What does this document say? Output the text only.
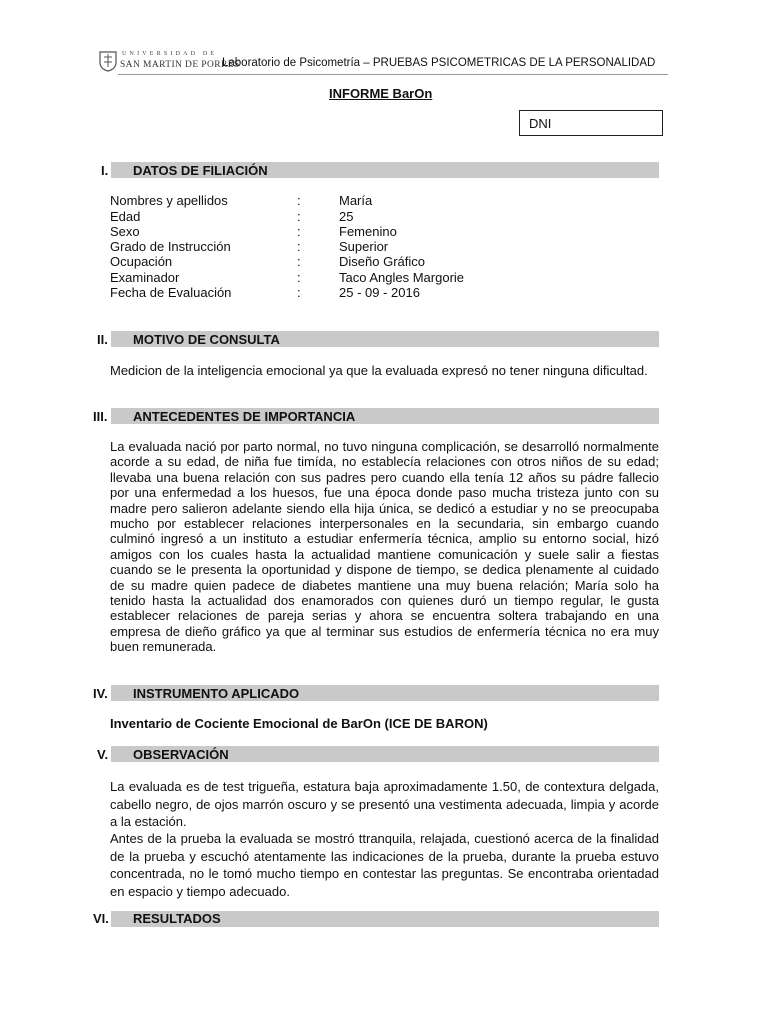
UNIVERSIDAD DE
SAN MARTIN DE PORRES
Laboratorio de Psicometría – PRUEBAS PSICOMETRICAS DE LA PERSONALIDAD
INFORME BarOn
DNI
I. DATOS DE FILIACIÓN
Nombres y apellidos	:	María
Edad	:	25
Sexo	:	Femenino
Grado de Instrucción	:	Superior
Ocupación	:	Diseño Gráfico
Examinador	:	Taco Angles Margorie
Fecha de Evaluación	:	25 - 09 - 2016
II. MOTIVO DE CONSULTA
Medicion de la inteligencia emocional ya que la evaluada expresó no tener ninguna dificultad.
III. ANTECEDENTES DE IMPORTANCIA
La evaluada nació por parto normal, no tuvo ninguna complicación, se desarrolló normalmente acorde a su edad, de niña fue timída, no establecía relaciones con otros niños de su edad; llevaba una buena relación con sus padres pero cuando ella tenía 12 años su pádre fallecio por una enfermedad a los huesos, fue una época donde paso mucha tristeza junto con su madre pero salieron adelante siendo ella hija única, se dedicó a estudiar y no se preocupaba mucho por establecer relaciones interpersonales en la secundaria, sin embargo cuando culminó ingresó a un instituto a estudiar enfermería técnica, amplio su entorno social, hizó amigos con los cuales hasta la actualidad mantiene comunicación y suele salir a fiestas cuando se le presenta la oportunidad y dispone de tiempo, se dedica plenamente al cuidado de su madre quien padece de diabetes mantiene una muy buena relación; María solo ha tenido hasta la actualidad dos enamorados con quienes duró un tiempo regular, le gusta establecer relaciones de pareja serias y ahora se encuentra soltera trabajando en una empresa de dieño gráfico ya que al terminar sus estudios de enfermería técnica no era muy buen remunerada.
IV. INSTRUMENTO APLICADO
Inventario de Cociente Emocional de BarOn (ICE DE BARON)
V. OBSERVACIÓN
La evaluada es de test trigueña, estatura baja aproximadamente 1.50, de contextura delgada, cabello negro, de ojos marrón oscuro y se presentó una vestimenta adecuada, limpia y acorde a la estación.
Antes de la prueba la evaluada se mostró ttranquila, relajada, cuestionó acerca de la finalidad de la prueba y escuchó atentamente las indicaciones de la prueba, durante la prueba estuvo concentrada, no le tomó mucho tiempo en contestar las preguntas. Se encontraba orientadad en espacio y tiempo adecuado.
VI. RESULTADOS
